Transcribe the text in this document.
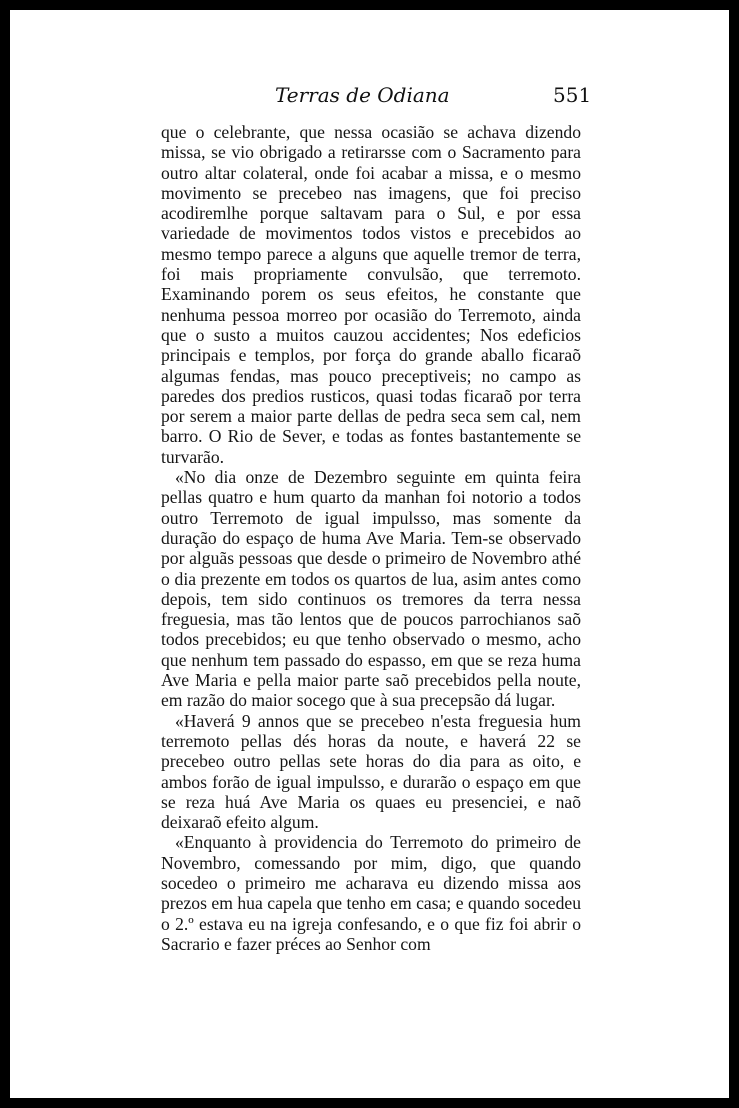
Terras de Odiana	551

que o celebrante, que nessa ocasião se achava dizendo missa, se vio obrigado a retirarsse com o Sacramento para outro altar colateral, onde foi acabar a missa, e o mesmo movimento se precebeo nas imagens, que foi preciso acodiremlhe porque saltavam para o Sul, e por essa variedade de movimentos todos vistos e precebidos ao mesmo tempo parece a alguns que aquelle tremor de terra, foi mais propriamente convulsão, que terremoto. Examinando porem os seus efeitos, he constante que nenhuma pessoa morreo por ocasião do Terremoto, ainda que o susto a muitos cauzou accidentes; Nos edeficios principais e templos, por força do grande aballo ficaraõ algumas fendas, mas pouco preceptiveis; no campo as paredes dos predios rusticos, quasi todas ficaraõ por terra por serem a maior parte dellas de pedra seca sem cal, nem barro. O Rio de Sever, e todas as fontes bastantemente se turvarão.

«No dia onze de Dezembro seguinte em quinta feira pellas quatro e hum quarto da manhan foi notorio a todos outro Terremoto de igual impulsso, mas somente da duração do espaço de huma Ave Maria. Tem-se observado por alguãs pessoas que desde o primeiro de Novembro athé o dia prezente em todos os quartos de lua, asim antes como depois, tem sido continuos os tremores da terra nessa freguesia, mas tão lentos que de poucos parrochianos saõ todos precebidos; eu que tenho observado o mesmo, acho que nenhum tem passado do espasso, em que se reza huma Ave Maria e pella maior parte saõ precebidos pella noute, em razão do maior socego que à sua precepsão dá lugar.

«Haverá 9 annos que se precebeo n'esta freguesia hum terremoto pellas dés horas da noute, e haverá 22 se precebeo outro pellas sete horas do dia para as oito, e ambos forão de igual impulsso, e durarão o espaço em que se reza huá Ave Maria os quaes eu presenciei, e naõ deixaraõ efeito algum.

«Enquanto à providencia do Terremoto do primeiro de Novembro, comessando por mim, digo, que quando socedeo o primeiro me acharava eu dizendo missa aos prezos em hua capela que tenho em casa; e quando socedeu o 2.º estava eu na igreja confesando, e o que fiz foi abrir o Sacrario e fazer préces ao Senhor com
